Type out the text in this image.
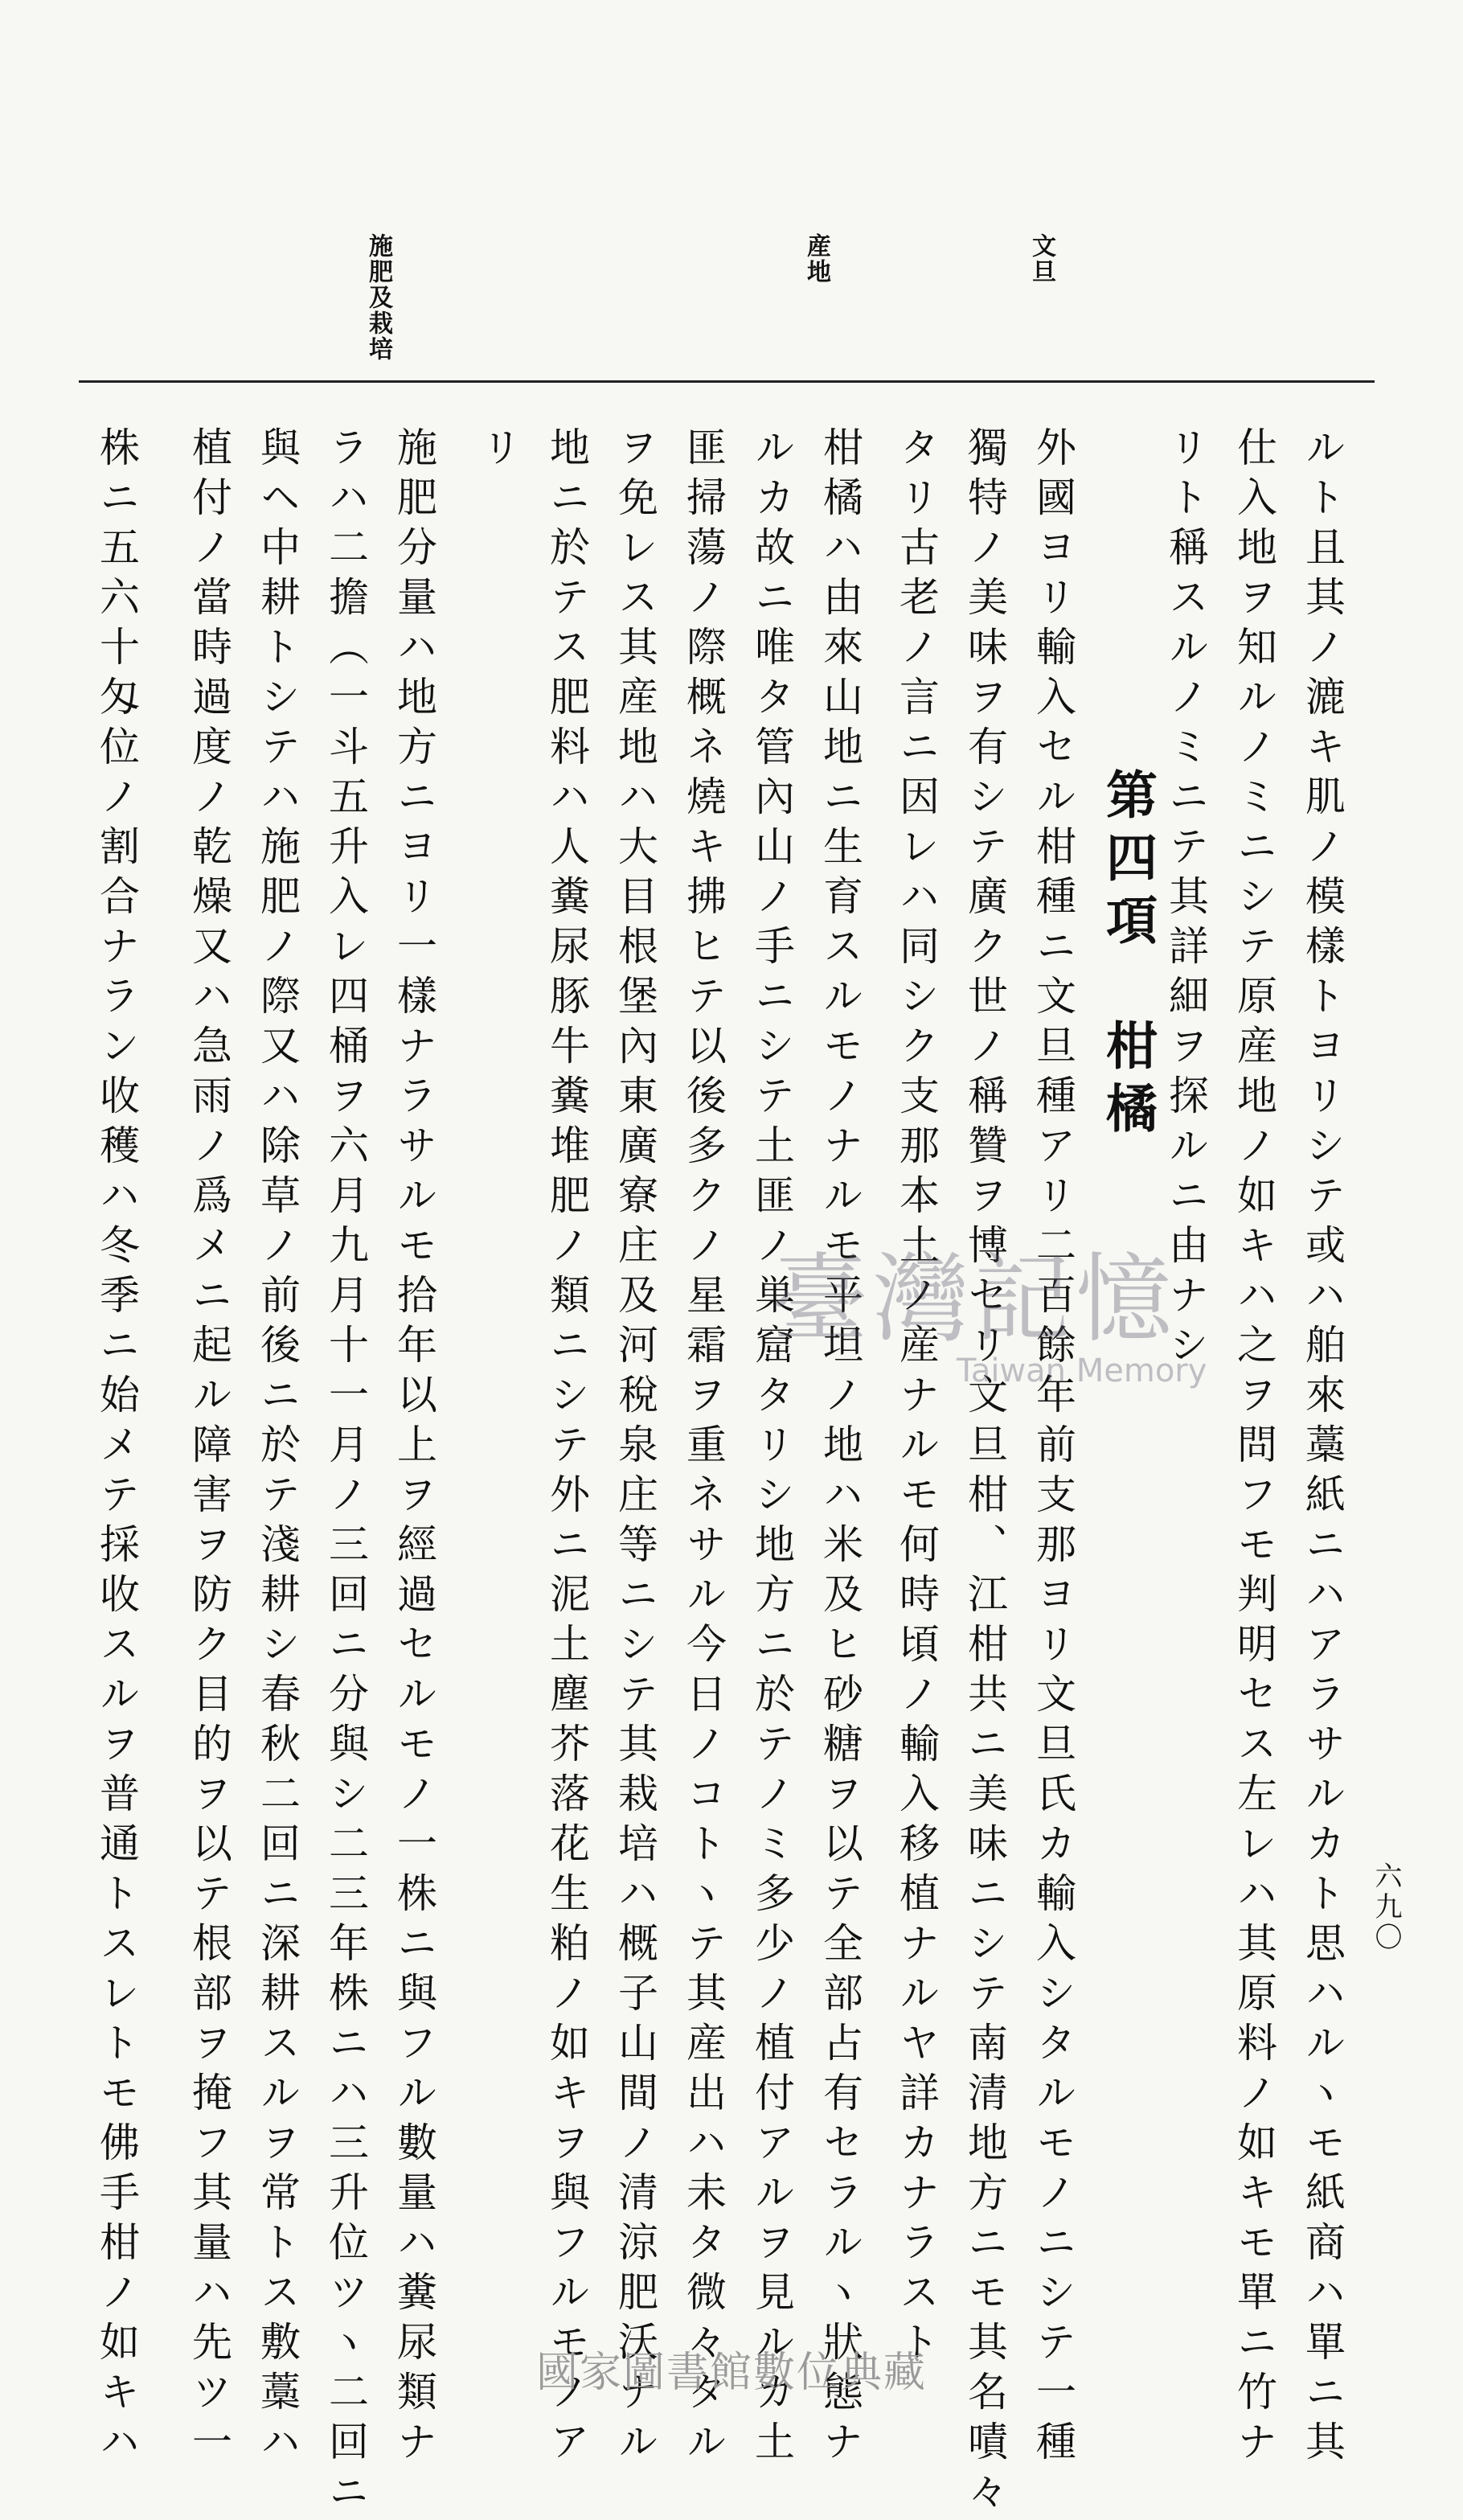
文旦
産地
施肥及栽培
六九〇
第四項　柑橘	ルト且其ノ漉キ肌ノ模樣トヨリシテ或ハ舶來藁紙ニハアラサルカト思ハルヽモ紙商ハ單ニ其
仕入地ヲ知ルノミニシテ原産地ノ如キハ之ヲ問フモ判明セス左レハ其原料ノ如キモ單ニ竹ナ
リト稱スルノミニテ其詳細ヲ探ルニ由ナシ
外國ヨリ輸入セル柑種ニ文旦種アリ二百餘年前支那ヨリ文旦氏カ輸入シタルモノニシテ一種
獨特ノ美味ヲ有シテ廣ク世ノ稱贊ヲ博セリ文旦柑、江柑共ニ美味ニシテ南清地方ニモ其名嘖々
タリ古老ノ言ニ因レハ同シク支那本土ノ産ナルモ何時頃ノ輸入移植ナルヤ詳カナラスト
柑橘ハ由來山地ニ生育スルモノナルモ平坦ノ地ハ米及ヒ砂糖ヲ以テ全部占有セラルヽ狀態ナ
ルカ故ニ唯タ管內山ノ手ニシテ土匪ノ巣窟タリシ地方ニ於テノミ多少ノ植付アルヲ見ルカ土
匪掃蕩ノ際概ネ燒キ拂ヒテ以後多クノ星霜ヲ重ネサル今日ノコトヽテ其産出ハ未タ微々タル
ヲ免レス其産地ハ大目根堡內東廣寮庄及河稅泉庄等ニシテ其栽培ハ概子山間ノ清涼肥沃ナル
地ニ於テス肥料ハ人糞尿豚牛糞堆肥ノ類ニシテ外ニ泥土塵芥落花生粕ノ如キヲ與フルモノア
リ
施肥分量ハ地方ニヨリ一樣ナラサルモ拾年以上ヲ經過セルモノ一株ニ與フル數量ハ糞尿類ナ
ラハ二擔（一斗五升入レ四桶ヲ六月九月十一月ノ三回ニ分與シ二三年株ニハ三升位ツヽ二回ニ
與ヘ中耕トシテハ施肥ノ際又ハ除草ノ前後ニ於テ淺耕シ春秋二回ニ深耕スルヲ常トス敷藁ハ
植付ノ當時過度ノ乾燥又ハ急雨ノ爲メニ起ル障害ヲ防ク目的ヲ以テ根部ヲ掩フ其量ハ先ツ一
株ニ五六十匁位ノ割合ナラン收穫ハ冬季ニ始メテ採收スルヲ普通トスレトモ佛手柑ノ如キハ	臺灣記憶
Taiwan Memory
國家圖書館數位典藏
